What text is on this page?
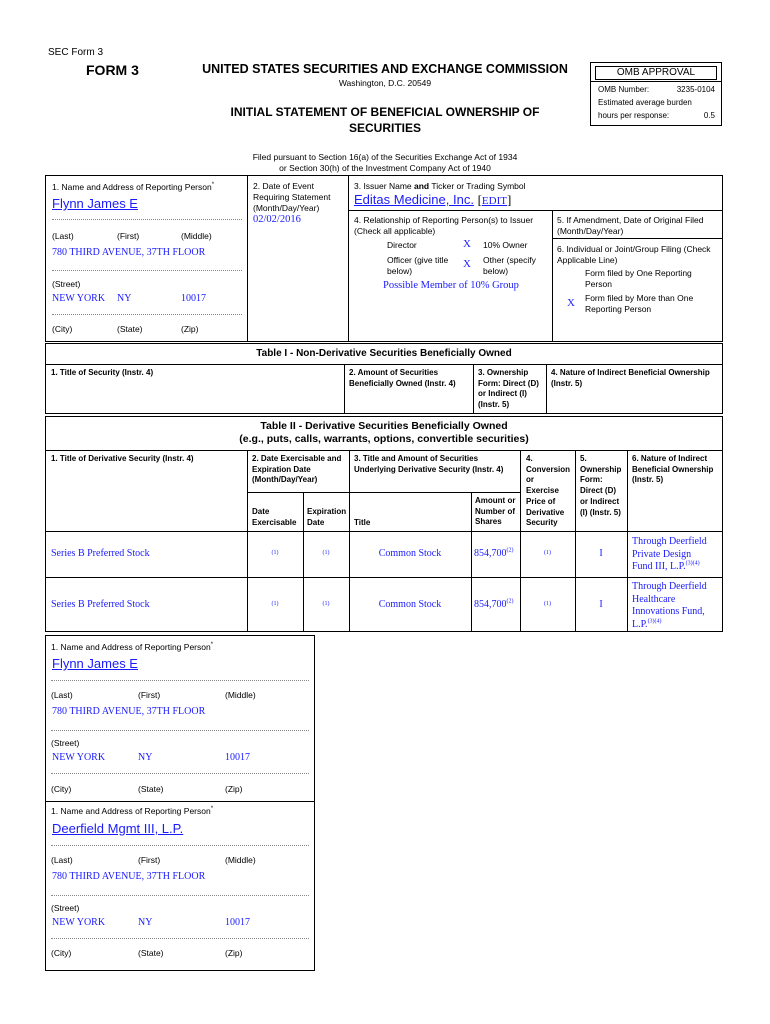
SEC Form 3
FORM 3	UNITED STATES SECURITIES AND EXCHANGE COMMISSION
Washington, D.C. 20549
INITIAL STATEMENT OF BENEFICIAL OWNERSHIP OF
SECURITIES
OMB APPROVAL
OMB Number:	3235-0104
Estimated average burden
hours per response:	0.5
Filed pursuant to Section 16(a) of the Securities Exchange Act of 1934
or Section 30(h) of the Investment Company Act of 1940
1. Name and Address of Reporting Person*
Flynn James E
(Last)	(First)	(Middle)
780 THIRD AVENUE, 37TH FLOOR
(Street)
NEW YORK NY	10017
(City)	(State)	(Zip)
2. Date of Event
Requiring Statement
(Month/Day/Year)
02/02/2016
3. Issuer Name and Ticker or Trading Symbol
Editas Medicine, Inc. [EDIT]
4. Relationship of Reporting Person(s) to Issuer
(Check all applicable)
Director	X 10% Owner
Officer (give title
below)
X Other (specify
below)
Possible Member of 10% Group
5. If Amendment, Date of Original Filed
(Month/Day/Year)
6. Individual or Joint/Group Filing (Check
Applicable Line)
Form filed by One Reporting
Person
X Form filed by More than One
Reporting Person
Table I - Non-Derivative Securities Beneficially Owned
1. Title of Security (Instr. 4)	2. Amount of Securities
Beneficially Owned (Instr. 4)
3. Ownership
Form: Direct (D)
or Indirect (I)
(Instr. 5)
4. Nature of Indirect Beneficial Ownership
(Instr. 5)
Table II - Derivative Securities Beneficially Owned
(e.g., puts, calls, warrants, options, convertible securities)
1. Title of Derivative Security (Instr. 4)	2. Date Exercisable and
Expiration Date
(Month/Day/Year)
Date
Exercisable
Expiration
Date
3. Title and Amount of Securities
Underlying Derivative Security (Instr. 4)
Title
Amount or
Number of
Shares
4.
Conversion
or
Exercise
Price of
Derivative
Security
5.
Ownership
Form:
Direct (D)
or Indirect
(I) (Instr. 5)
6. Nature of Indirect
Beneficial Ownership
(Instr. 5)
Series B Preferred Stock	(1)	(1)	Common Stock	854,700$^{(2)}$	(1)	I
Through Deerfield
Private Design
Fund III, L.P.$^{(3)(4)}$
Series B Preferred Stock	(1)	(1)	Common Stock	854,700$^{(2)}$	(1)	I
Through Deerfield
Healthcare
Innovations Fund,
L.P.$^{(3)(4)}$
1. Name and Address of Reporting Person*
Flynn James E
(Last)	(First)	(Middle)
780 THIRD AVENUE, 37TH FLOOR
(Street)
NEW YORK	NY	10017
(City)	(State)	(Zip)
1. Name and Address of Reporting Person*
Deerfield Mgmt III, L.P.
(Last)	(First)	(Middle)
780 THIRD AVENUE, 37TH FLOOR
(Street)
NEW YORK	NY	10017
(City)	(State)	(Zip)
